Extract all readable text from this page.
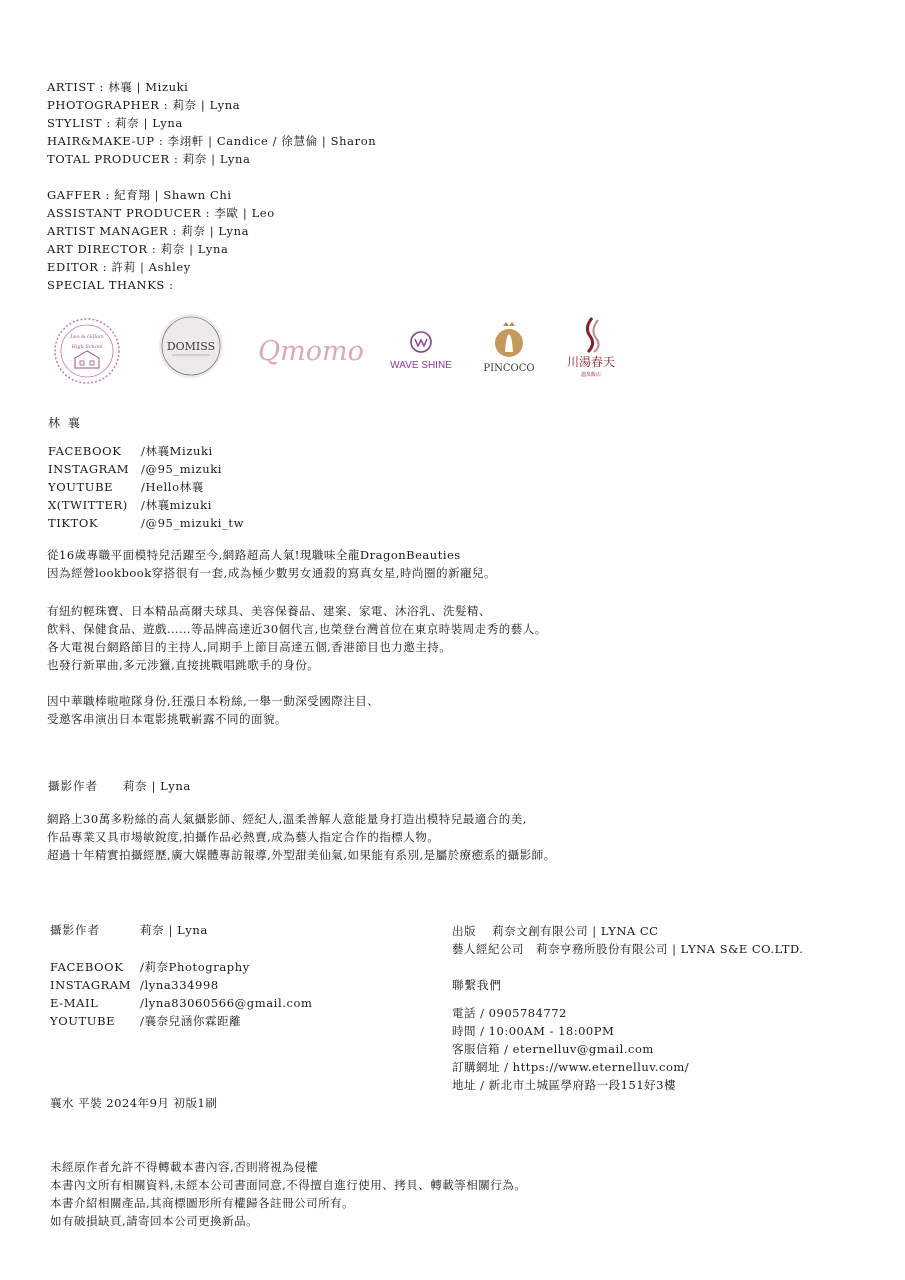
ARTIST : 林襄 | Mizuki
PHOTOGRAPHER : 莉奈 | Lyna
STYLIST : 莉奈 | Lyna
HAIR&MAKE-UP : 李翊軒 | Candice / 徐慧倫 | Sharon
TOTAL PRODUCER : 莉奈 | Lyna
GAFFER : 紀育翔 | Shawn Chi
ASSISTANT PRODUCER : 李歐 | Leo
ARTIST MANAGER : 莉奈 | Lyna
ART DIRECTOR : 莉奈 | Lyna
EDITOR : 許莉 | Ashley
SPECIAL THANKS :
Leo & Gillian
High School	DOMISS Qmomo	WAVE SHINE	PINCOCO	川湯春天
溫泉飯店
林 襄
FACEBOOK /林襄Mizuki
INSTAGRAM /@95_mizuki
YOUTUBE /Hello林襄
X(TWITTER) /林襄mizuki
TIKTOK	/@95_mizuki_tw
從16歲專職平面模特兒活躍至今,網路超高人氣!現職味全龍DragonBeauties
因為經營lookbook穿搭很有一套,成為極少數男女通殺的寫真女星,時尚圈的新寵兒。
有紐約輕珠寶、日本精品高爾夫球具、美容保養品、建案、家電、沐浴乳、洗髮精、
飲料、保健食品、遊戲……等品牌高達近30個代言,也榮登台灣首位在東京時裝周走秀的藝人。
各大電視台網路節目的主持人,同期手上節目高達五個,香港節目也力邀主持。
也發行新單曲,多元涉獵,直接挑戰唱跳歌手的身份。
因中華職棒啦啦隊身份,狂漲日本粉絲,一舉一動深受國際注目、
受邀客串演出日本電影挑戰嶄露不同的面貌。
攝影作者 莉奈 | Lyna
網路上30萬多粉絲的高人氣攝影師、經紀人,溫柔善解人意能量身打造出模特兒最適合的美,
作品專業又具市場敏銳度,拍攝作品必熱賣,成為藝人指定合作的指標人物。
超過十年精實拍攝經歷,廣大媒體專訪報導,外型甜美仙氣,如果能有系別,是屬於療癒系的攝影師。
攝影作者	莉奈 | Lyna
FACEBOOK /莉奈Photography
INSTAGRAM /lyna334998
E-MAIL	/lyna83060566@gmail.com
YOUTUBE /襄奈兒涵你霖距離
出版　 莉奈文創有限公司 | LYNA CC
藝人經紀公司　莉奈亨務所股份有限公司 | LYNA S&E CO.LTD.
聯繫我們
電話 / 0905784772
時間 / 10:00AM - 18:00PM
客服信箱 / eternelluv@gmail.com
訂購網址 / https://www.eternelluv.com/
地址 / 新北市土城區學府路一段151好3樓
襄水 平裝 2024年9月 初版1刷
未經原作者允許不得轉載本書內容,否則將視為侵權
本書內文所有相關資料,未經本公司書面同意,不得擅自進行使用、拷貝、轉載等相關行為。
本書介紹相關產品,其商標圖形所有權歸各註冊公司所有。
如有破損缺頁,請寄回本公司更換新品。
